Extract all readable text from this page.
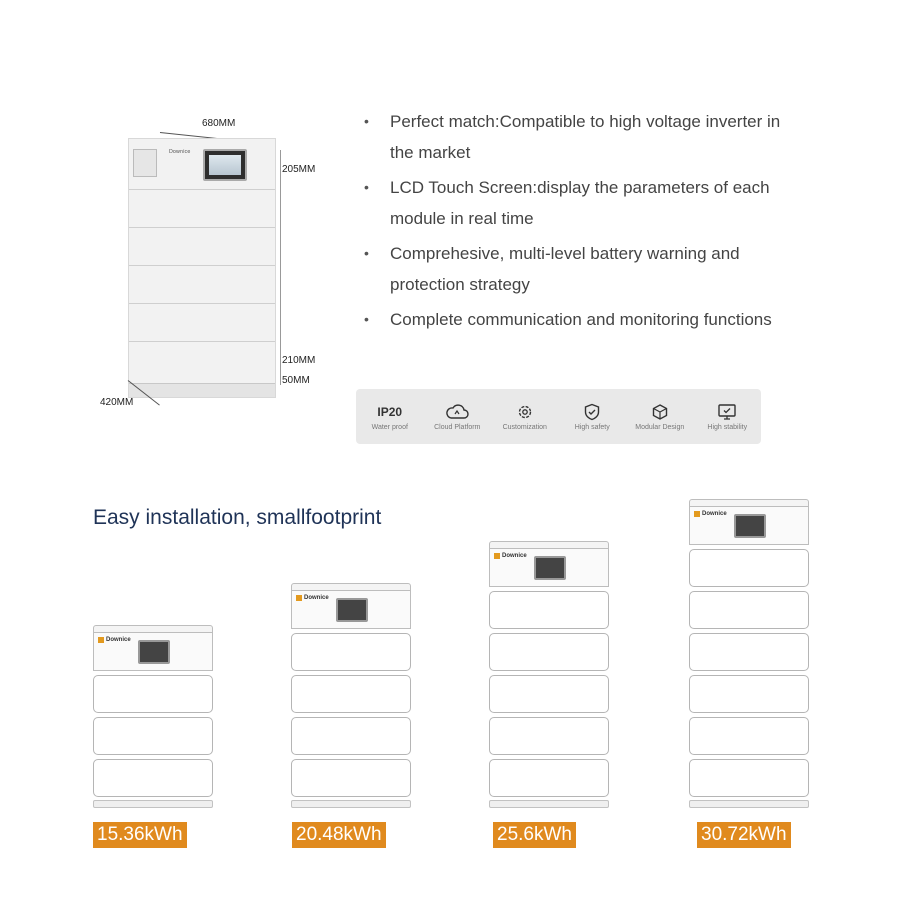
680MM
Downice
205MM
210MM
50MM
420MM
• Perfect match:Compatible to high voltage inverter in the market
• LCD Touch Screen:display the parameters of each module in real time
• Comprehesive, multi-level battery warning and protection strategy
• Complete communication and monitoring functions
IP20
Water proof	Cloud Platform	Customization	High safety	Modular Design	High stability
Easy installation, smallfootprint
Downice
15.36kWh
Downice
20.48kWh
Downice
25.6kWh
Downice
30.72kWh
